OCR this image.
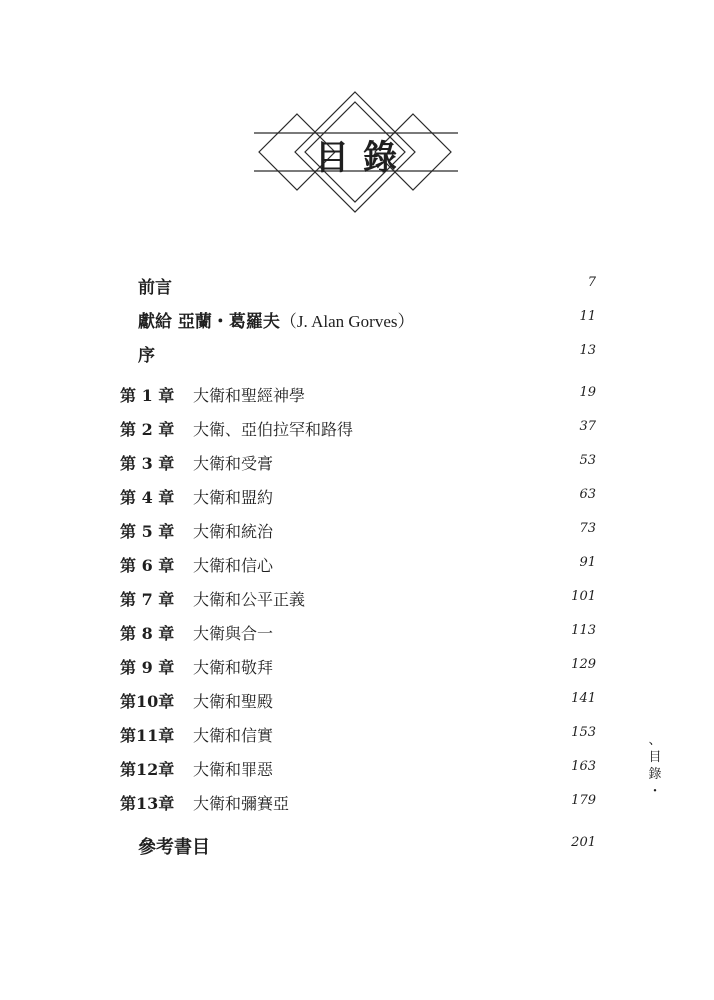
目錄
前言	7
獻給 亞蘭・葛羅夫（J. Alan Gorves）	11
序	13
第 1 章 大衛和聖經神學	19
第 2 章 大衛、亞伯拉罕和路得	37
第 3 章 大衛和受膏	53
第 4 章 大衛和盟約	63
第 5 章 大衛和統治	73
第 6 章 大衛和信心	91
第 7 章 大衛和公平正義	101
第 8 章 大衛與合一	113
第 9 章 大衛和敬拜	129
第10章 大衛和聖殿	141
第11章 大衛和信實	153
第12章 大衛和罪惡	163
第13章 大衛和彌賽亞	179
參考書目	201
、
目
錄
・
